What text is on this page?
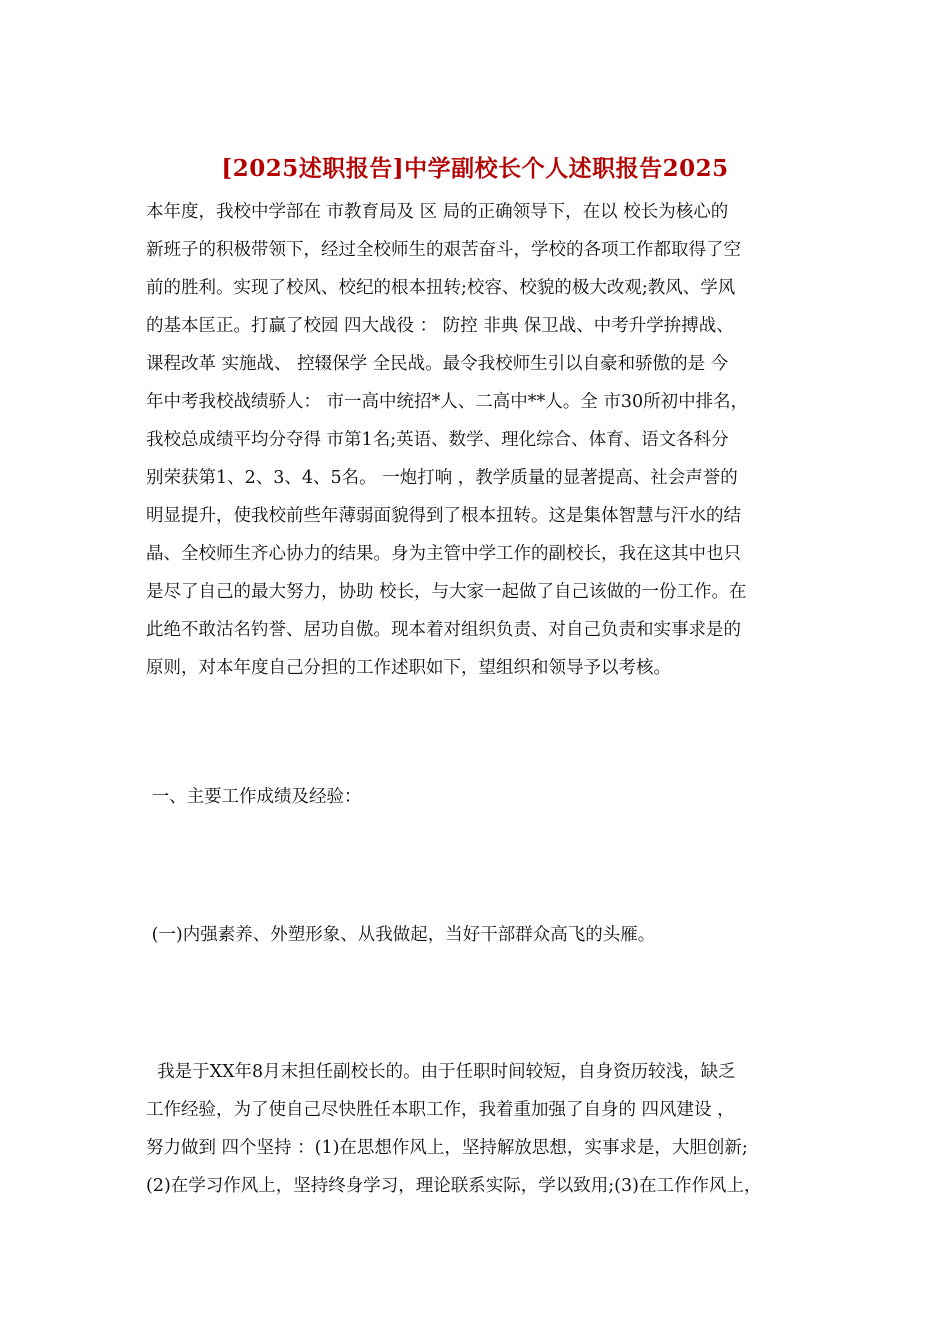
[2025述职报告]中学副校长个人述职报告2025
本年度，我校中学部在 市教育局及 区 局的正确领导下，在以 校长为核心的
新班子的积极带领下，经过全校师生的艰苦奋斗，学校的各项工作都取得了空
前的胜利。实现了校风、校纪的根本扭转;校容、校貌的极大改观;教风、学风
的基本匡正。打赢了校园 四大战役 ： 防控 非典 保卫战、中考升学拚搏战、
课程改革 实施战、 控辍保学 全民战。最令我校师生引以自豪和骄傲的是 今
年中考我校战绩骄人： 市一高中统招*人、二高中**人。全 市30所初中排名，
我校总成绩平均分夺得 市第1名;英语、数学、理化综合、体育、语文各科分
别荣获第1、2、3、4、5名。 一炮打响 ，教学质量的显著提高、社会声誉的
明显提升，使我校前些年薄弱面貌得到了根本扭转。这是集体智慧与汗水的结
晶、全校师生齐心协力的结果。身为主管中学工作的副校长，我在这其中也只
是尽了自己的最大努力，协助 校长，与大家一起做了自己该做的一份工作。在
此绝不敢沽名钓誉、居功自傲。现本着对组织负责、对自己负责和实事求是的
原则，对本年度自己分担的工作述职如下，望组织和领导予以考核。
一、主要工作成绩及经验：
(一)内强素养、外塑形象、从我做起，当好干部群众高飞的头雁。
我是于XX年8月末担任副校长的。由于任职时间较短，自身资历较浅，缺乏
工作经验，为了使自己尽快胜任本职工作，我着重加强了自身的 四风建设 ，
努力做到 四个坚持 ：(1)在思想作风上，坚持解放思想，实事求是，大胆创新;
(2)在学习作风上，坚持终身学习，理论联系实际，学以致用;(3)在工作作风上，
